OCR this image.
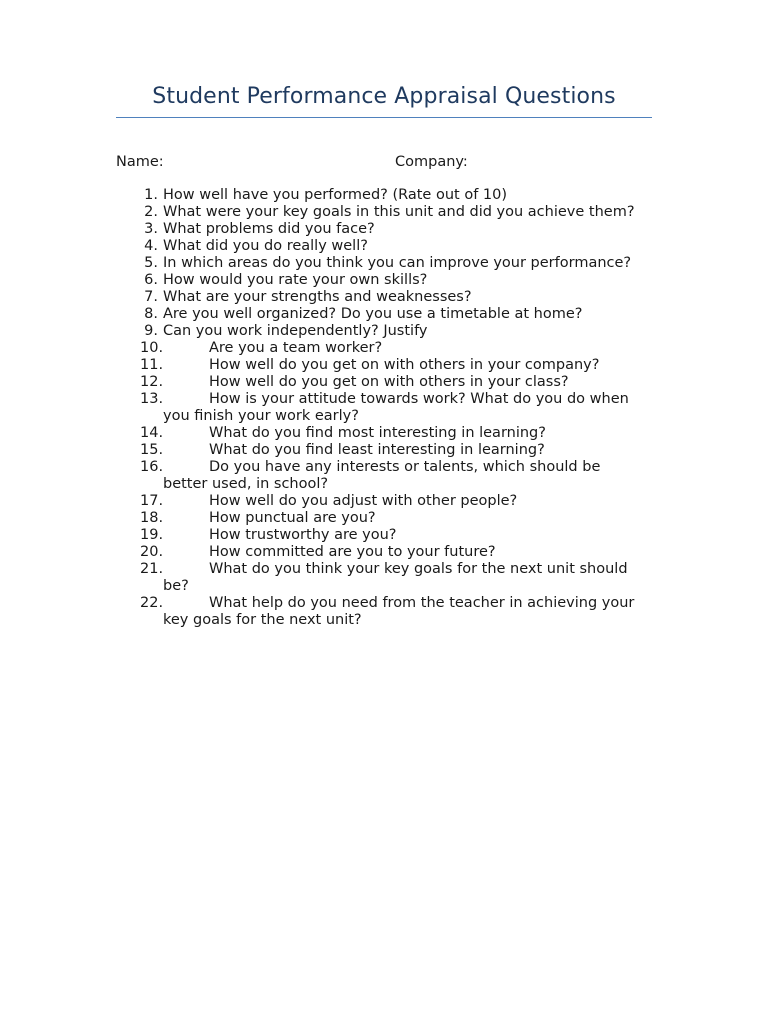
Student Performance Appraisal Questions
Name:	Company:
1. How well have you performed? (Rate out of 10)
2. What were your key goals in this unit and did you achieve them?
3. What problems did you face?
4. What did you do really well?
5. In which areas do you think you can improve your performance?
6. How would you rate your own skills?
7. What are your strengths and weaknesses?
8. Are you well organized? Do you use a timetable at home?
9. Can you work independently? Justify
10.	Are you a team worker?
11.	How well do you get on with others in your company?
12.	How well do you get on with others in your class?
13.	How is your attitude towards work? What do you do when you finish your work early?
14.	What do you find most interesting in learning?
15.	What do you find least interesting in learning?
16.	Do you have any interests or talents, which should be better used, in school?
17.	How well do you adjust with other people?
18.	How punctual are you?
19.	How trustworthy are you?
20.	How committed are you to your future?
21.	What do you think your key goals for the next unit should be?
22.	What help do you need from the teacher in achieving your key goals for the next unit?
